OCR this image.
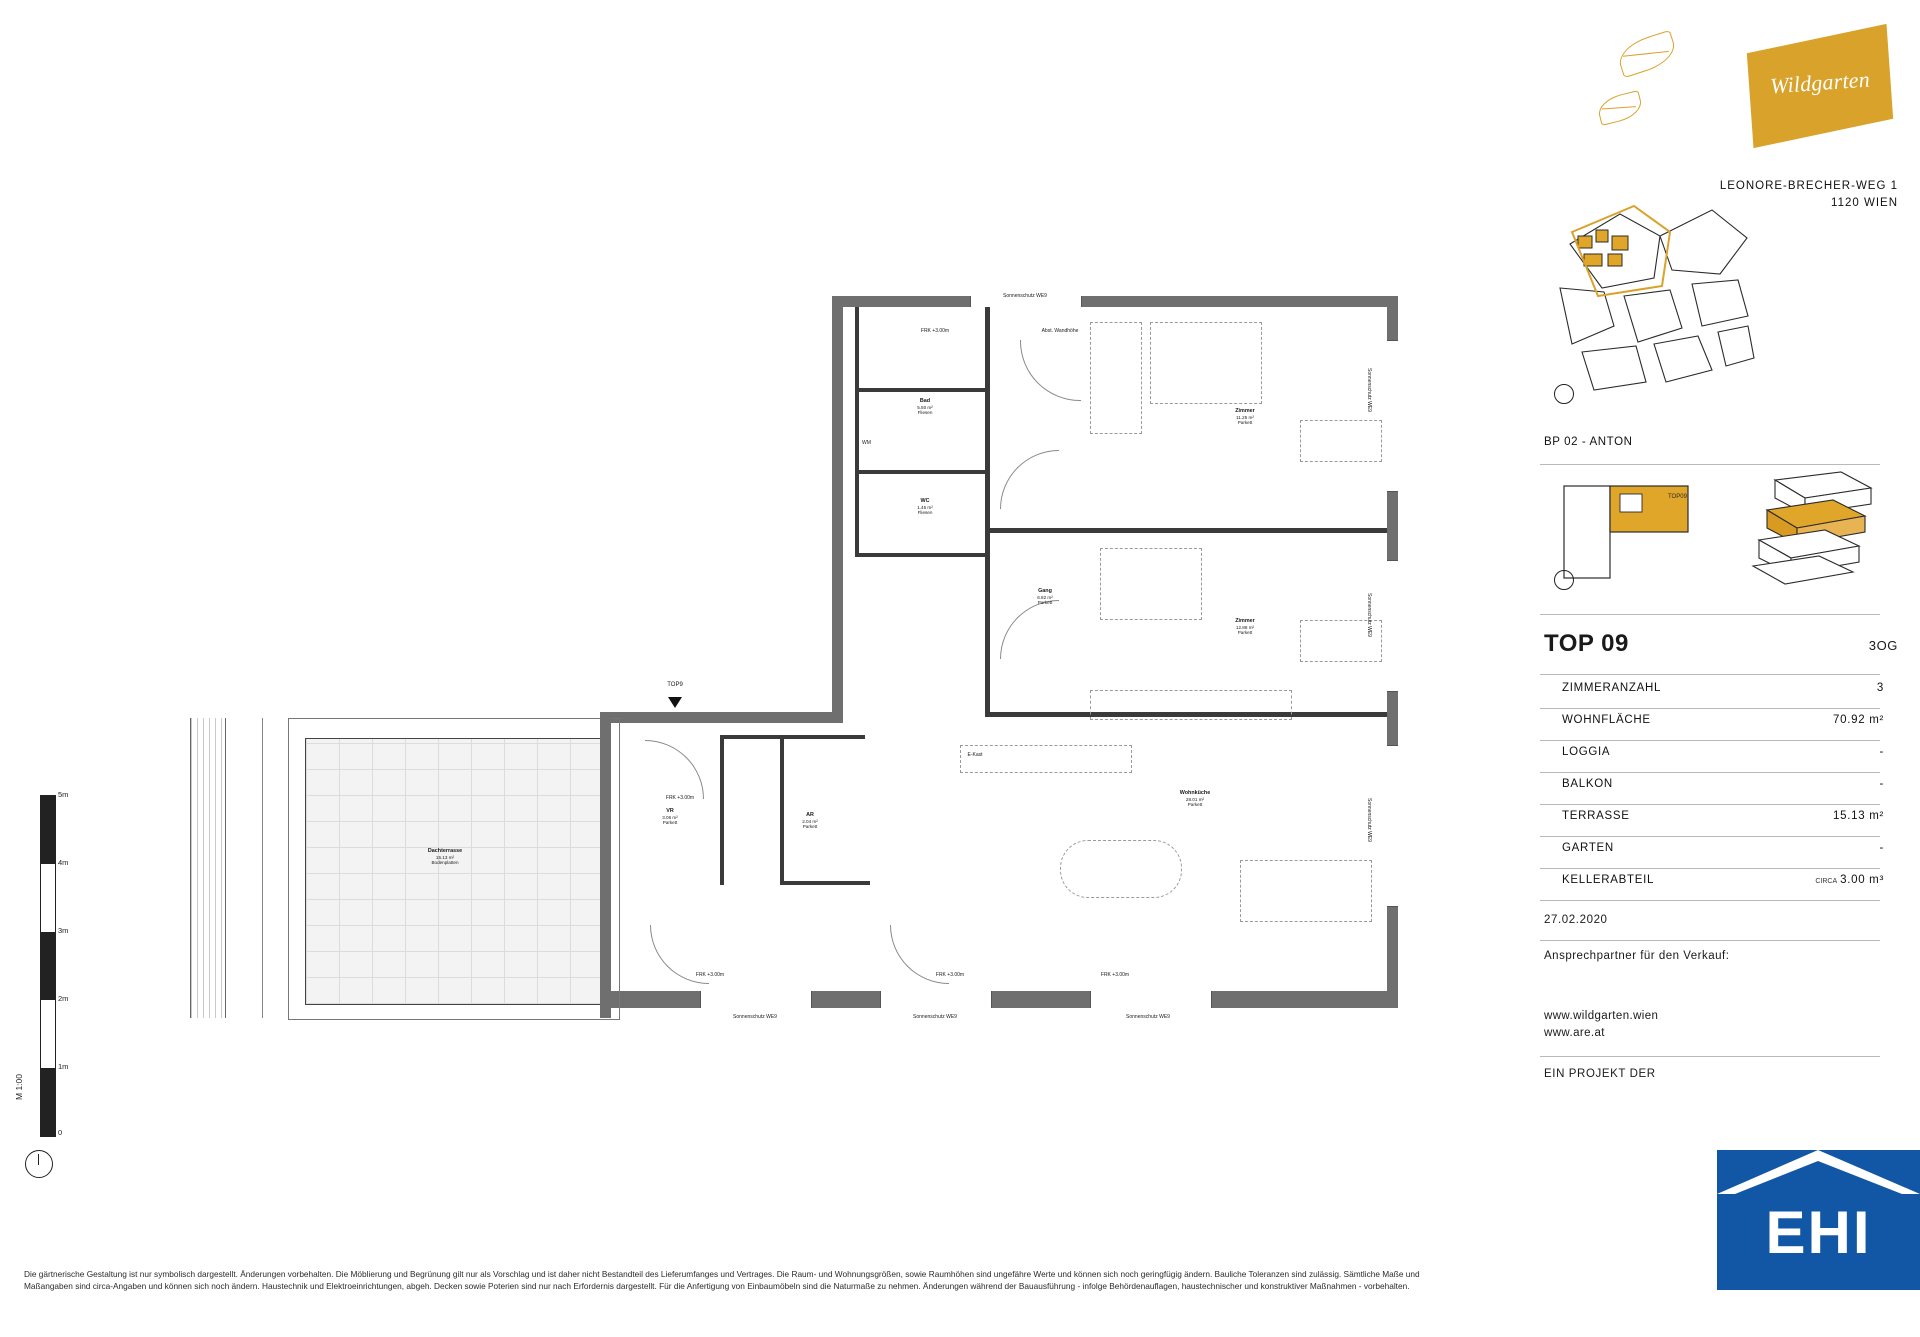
Bad
5.50 m²
Fliesen
WC
1.45 m²
Fliesen
Gang
6.82 m²
Parkett
Zimmer
11.25 m²
Parkett
Zimmer
12.88 m²
Parkett
Wohnküche
28.01 m²
Parkett
VR
3.06 m²
Parkett
AR
2.04 m²
Parkett
Dachterrasse
15.13 m²
Bodenplatten
Sonnenschutz WE9
FRK +3.00m	Abst. Wandhöhe
WM
E-Kast
Sonnenschutz WE9
Sonnenschutz WE9
Sonnenschutz WE9
Sonnenschutz WE9	Sonnenschutz WE9	Sonnenschutz WE9
FRK +3.00m
FRK +3.00m	FRK +3.00m	FRK +3.00m
TOP9
5m
4m
3m
2m
1m
0
M 1:00
Die gärtnerische Gestaltung ist nur symbolisch dargestellt. Änderungen vorbehalten. Die Möblierung und Begrünung gilt nur als Vorschlag und ist daher nicht Bestandteil des Lieferumfanges und Vertrages. Die Raum- und Wohnungsgrößen, sowie Raumhöhen sind ungefähre Werte und können sich noch geringfügig ändern. Bauliche Toleranzen sind zulässig. Sämtliche Maße und Maßangaben sind circa-Angaben und können sich noch ändern. Haustechnik und Elektroeinrichtungen, abgeh. Decken sowie Poterien sind nur nach Erfordernis dargestellt. Für die Anfertigung von Einbaumöbeln sind die Naturmaße zu nehmen. Änderungen während der Bauausführung - infolge Behördenauflagen, haustechnischer und konstruktiver Maßnahmen - vorbehalten.
Wildgarten
LEONORE-BRECHER-WEG 1
1120 WIEN
BP 02 - ANTON
TOP09
TOP 09	3OG
ZIMMERANZAHL	3
WOHNFLÄCHE	70.92 m²
LOGGIA	-
BALKON	-
TERRASSE	15.13 m²
GARTEN	-
KELLERABTEIL	CIRCA 3.00 m³
27.02.2020
Ansprechpartner für den Verkauf:
www.wildgarten.wien
www.are.at
EIN PROJEKT DER
EHI
